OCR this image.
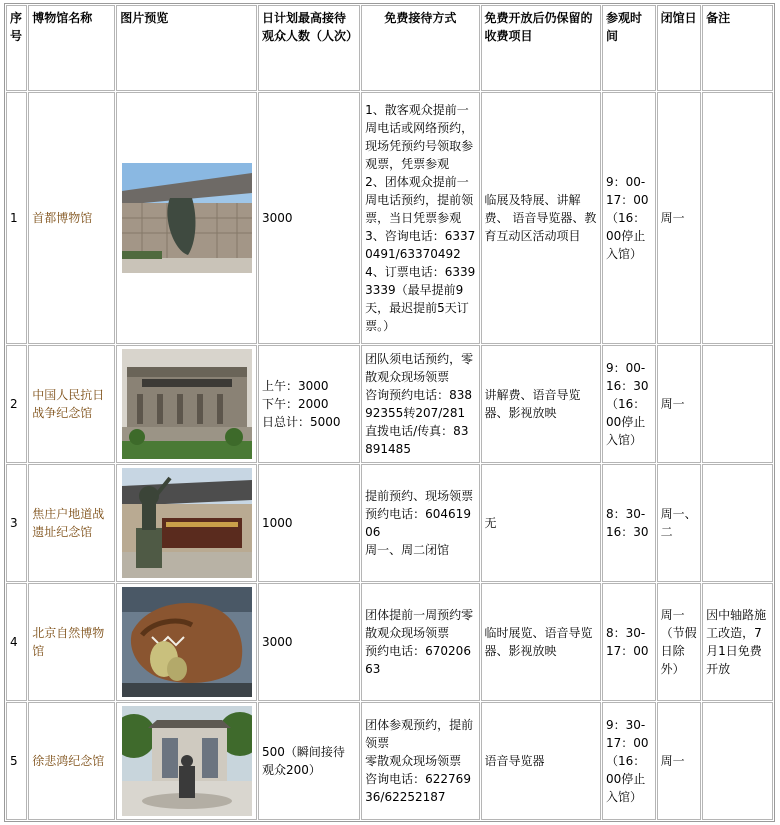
序号	博物馆名称	图片预览	日计划最高接待观众人数（人次）	免费接待方式	免费开放后仍保留的收费项目	参观时间	闭馆日	备注
1	首都博物馆		3000	1、散客观众提前一周电话或网络预约，现场凭预约号领取参观票，凭票参观
2、团体观众提前一周电话预约，提前领票，当日凭票参观
3、咨询电话：63370491/63370492
4、订票电话：63393339（最早提前9天，最迟提前5天订票。）	临展及特展、讲解费、 语音导览器、教育互动区活动项目	9：00-17：00（16：00停止入馆）	周一	
2	中国人民抗日战争纪念馆		上午：3000
下午：2000
日总计：5000	团队须电话预约，零散观众现场领票
咨询预约电话：83892355转207/281
直拨电话/传真：83891485	讲解费、语音导览器、影视放映	9：00-16：30（16：00停止入馆）	周一	
3	焦庄户地道战遗址纪念馆		1000	提前预约、现场领票
预约电话：60461906
周一、周二闭馆	无	8：30-16：30	周一、二	
4	北京自然博物馆		3000	团体提前一周预约零散观众现场领票
预约电话：67020663	临时展览、语音导览器、影视放映	8：30-17：00	周一（节假日除外）	因中轴路施工改造，7月1日免费开放
5	徐悲鸿纪念馆		500（瞬间接待观众200）	团体参观预约，提前领票
零散观众现场领票
咨询电话：62276936/62252187	语音导览器	9：30-17：00（16：00停止入馆）	周一	
